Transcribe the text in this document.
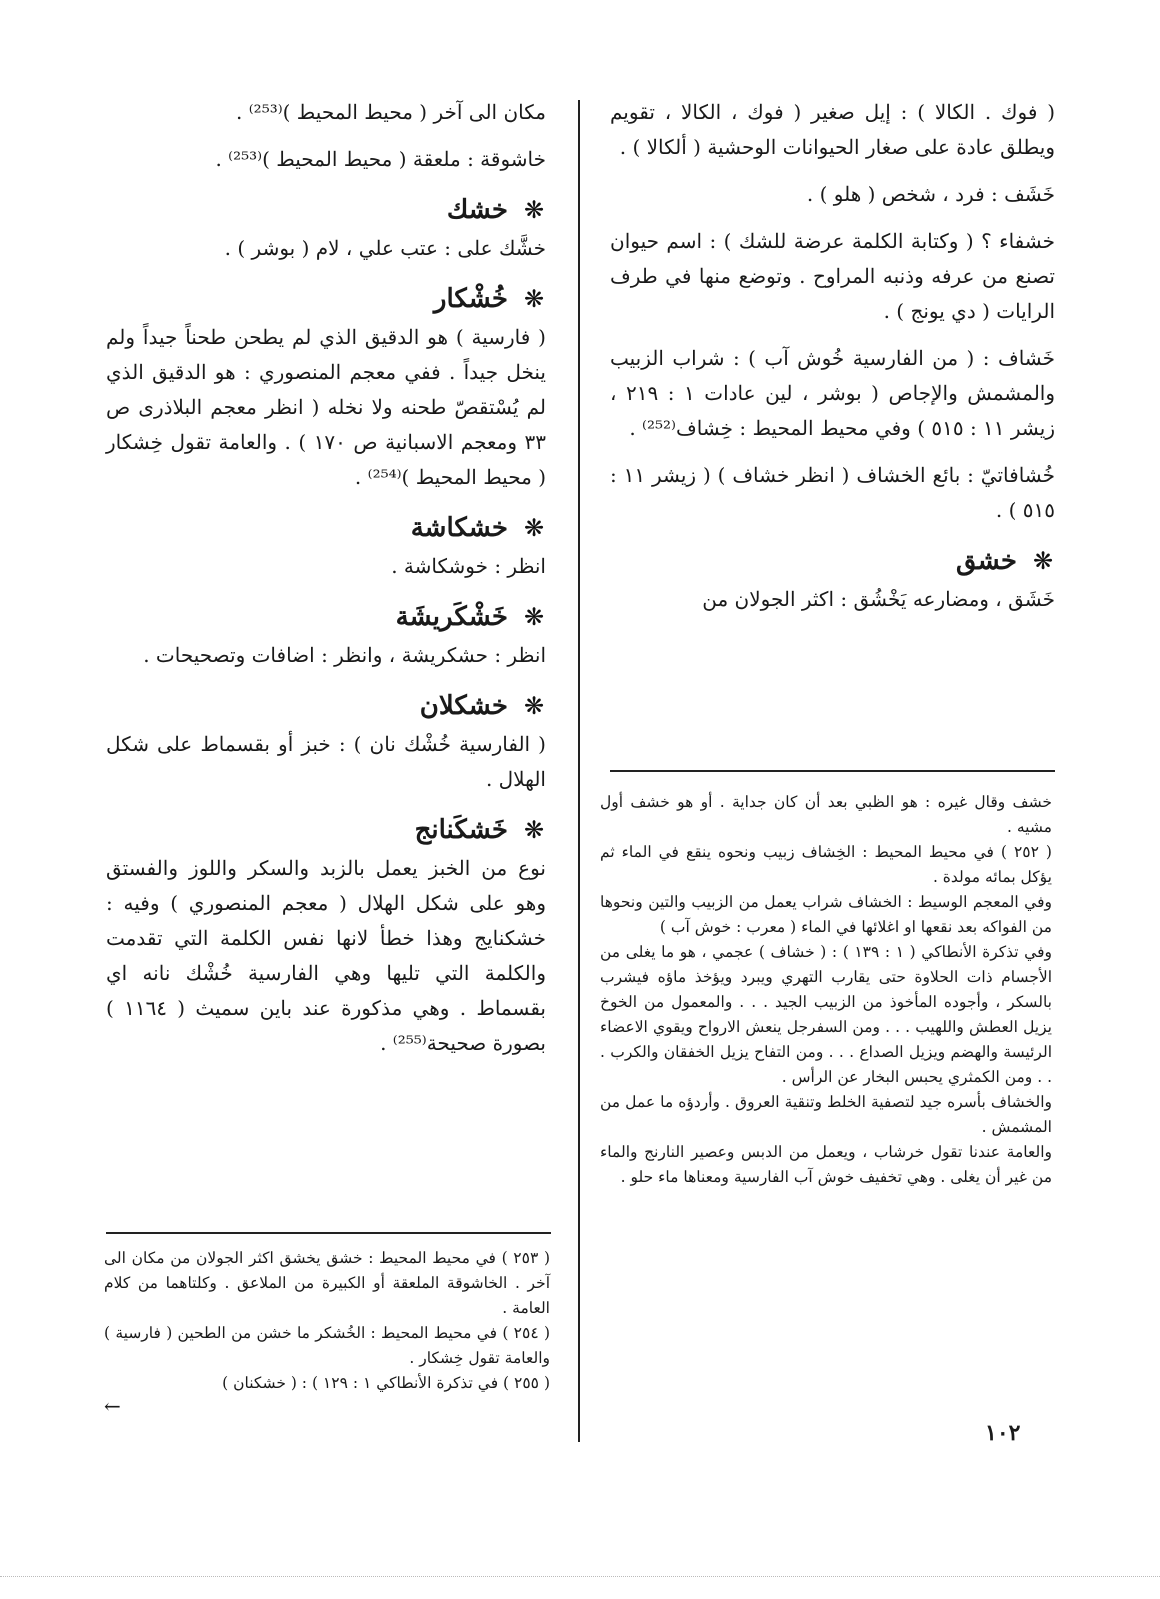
( فوك . الكالا ) : إيل صغير ( فوك ، الكالا ، تقويم ويطلق عادة على صغار الحيوانات الوحشية ( ألكالا ) .

خَشَف : فرد ، شخص ( هلو ) .

خشفاء ؟ ( وكتابة الكلمة عرضة للشك ) : اسم حيوان تصنع من عرفه وذنبه المراوح . وتوضع منها في طرف الرايات ( دي يونج ) .

خَشاف : ( من الفارسية خُوش آب ) : شراب الزبيب والمشمش والإجاص ( بوشر ، لين عادات ١ : ٢١٩ ، زيشر ١١ : ٥١٥ ) وفي محيط المحيط : خِشاف⁽²⁵²⁾ .

خُشافاتيّ : بائع الخشاف ( انظر خشاف ) ( زيشر ١١ : ٥١٥ ) .

❋
خشق

خَشَق ، ومضارعه يَخْشُق : اكثر الجولان من

مكان الى آخر ( محيط المحيط )⁽²⁵³⁾ .

خاشوقة : ملعقة ( محيط المحيط )⁽²⁵³⁾ .

❋
خشك

خشَّك على : عتب علي ، لام ( بوشر ) .

❋
خُشْكار

( فارسية ) هو الدقيق الذي لم يطحن طحناً جيداً ولم ينخل جيداً . ففي معجم المنصوري : هو الدقيق الذي لم يُسْتقصّ طحنه ولا نخله ( انظر معجم البلاذرى ص ٣٣ ومعجم الاسبانية ص ١٧٠ ) . والعامة تقول خِشكار ( محيط المحيط )⁽²⁵⁴⁾ .

❋
خشكاشة

انظر : خوشكاشة .

❋
خَشْكَريشَة

انظر : حشكريشة ، وانظر : اضافات وتصحيحات .

❋
خشكلان

( الفارسية خُشْك نان ) : خبز أو بقسماط على شكل الهلال .

❋
خَشكَنانج

نوع من الخبز يعمل بالزبد والسكر واللوز والفستق وهو على شكل الهلال ( معجم المنصوري ) وفيه : خشكنايج وهذا خطأ لانها نفس الكلمة التي تقدمت والكلمة التي تليها وهي الفارسية خُشْك نانه اي بقسماط . وهي مذكورة عند باين سميث ( ١١٦٤ ) بصورة صحيحة⁽²⁵⁵⁾ .

خشف وقال غيره : هو الظبي بعد أن كان جداية . أو هو خشف أول مشيه .

( ٢٥٢ ) في محيط المحيط : الخِشاف زبيب ونحوه ينقع في الماء ثم يؤكل بمائه مولدة .

وفي المعجم الوسيط : الخشاف شراب يعمل من الزبيب والتين ونحوها من الفواكه بعد نقعها او اغلائها في الماء ( معرب : خوش آب )

وفي تذكرة الأنطاكي ( ١ : ١٣٩ ) : ( خشاف ) عجمي ، هو ما يغلى من الأجسام ذات الحلاوة حتى يقارب التهري ويبرد ويؤخذ ماؤه فيشرب بالسكر ، وأجوده المأخوذ من الزبيب الجيد . . . والمعمول من الخوخ يزيل العطش واللهيب . . . ومن السفرجل ينعش الارواح ويقوي الاعضاء الرئيسة والهضم ويزيل الصداع . . . ومن التفاح يزيل الخفقان والكرب . . . ومن الكمثري يحبس البخار عن الرأس .

والخشاف بأسره جيد لتصفية الخلط وتنقية العروق . وأردؤه ما عمل من المشمش .

والعامة عندنا تقول خرشاب ، ويعمل من الدبس وعصير النارنج والماء من غير أن يغلى . وهي تخفيف خوش آب الفارسية ومعناها ماء حلو .

( ٢٥٣ ) في محيط المحيط : خشق يخشق اكثر الجولان من مكان الى آخر . الخاشوقة الملعقة أو الكبيرة من الملاعق . وكلتاهما من كلام العامة .

( ٢٥٤ ) في محيط المحيط : الخُشكر ما خشن من الطحين ( فارسية ) والعامة تقول خِشكار .

( ٢٥٥ ) في تذكرة الأنطاكي ١ : ١٢٩ ) : ( خشكنان )

←

١٠٢
